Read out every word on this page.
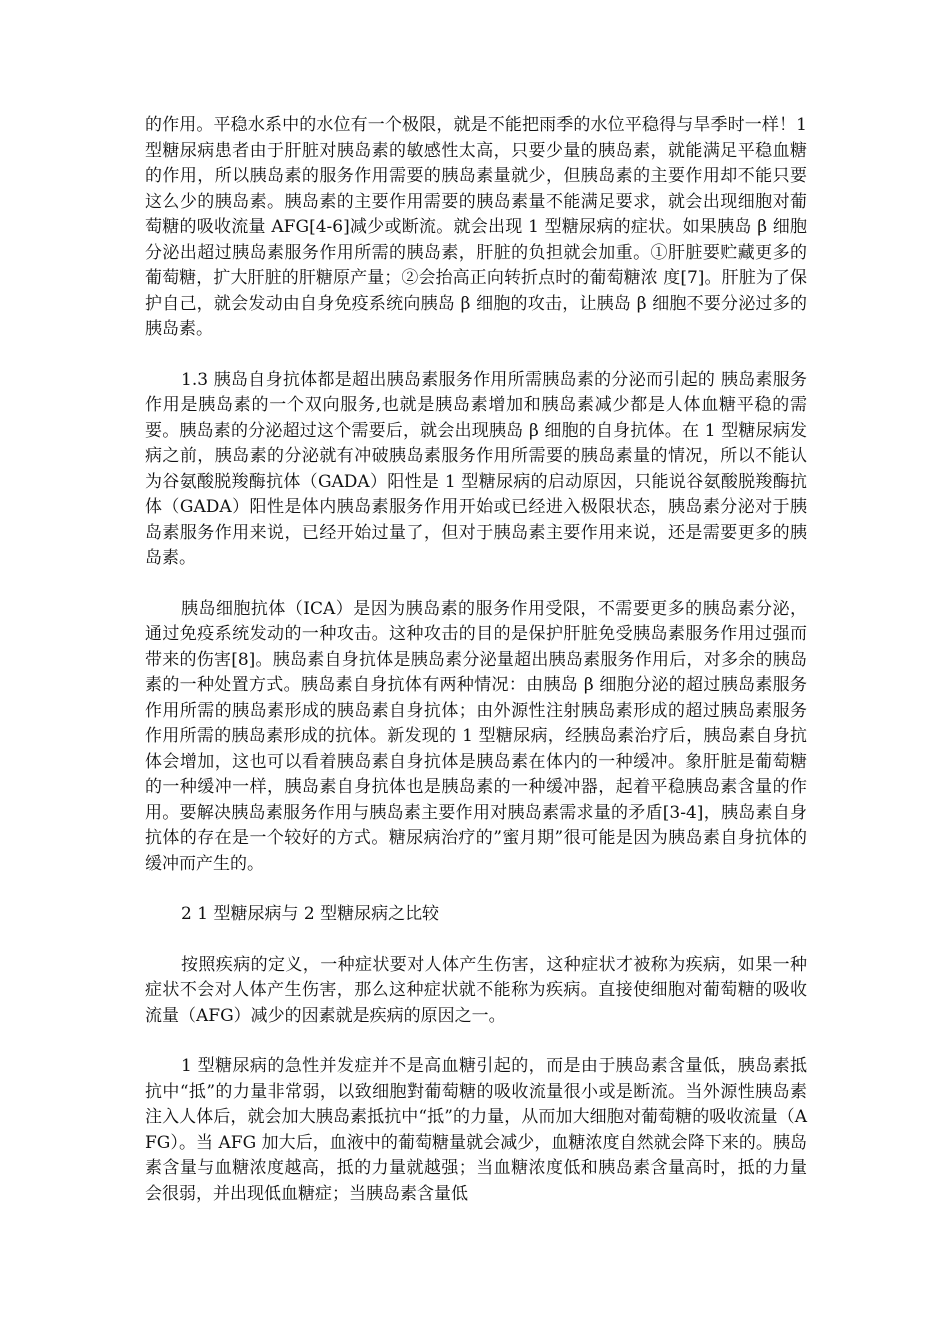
的作用。平稳水系中的水位有一个极限，就是不能把雨季的水位平稳得与旱季时一样！1 型糖尿病患者由于肝脏对胰岛素的敏感性太高，只要少量的胰岛素，就能满足平稳血糖的作用，所以胰岛素的服务作用需要的胰岛素量就少，但胰岛素的主要作用却不能只要这么少的胰岛素。胰岛素的主要作用需要的胰岛素量不能满足要求，就会出现细胞对葡萄糖的吸收流量 AFG[4-6]减少或断流。就会出现 1 型糖尿病的症状。如果胰岛 β 细胞分泌出超过胰岛素服务作用所需的胰岛素，肝脏的负担就会加重。①肝脏要贮藏更多的葡萄糖，扩大肝脏的肝糖原产量；②会抬高正向转折点时的葡萄糖浓 度[7]。肝脏为了保护自己，就会发动由自身免疫系统向胰岛 β 细胞的攻击，让胰岛 β 细胞不要分泌过多的胰岛素。

1.3 胰岛自身抗体都是超出胰岛素服务作用所需胰岛素的分泌而引起的 胰岛素服务作用是胰岛素的一个双向服务,也就是胰岛素增加和胰岛素减少都是人体血糖平稳的需要。胰岛素的分泌超过这个需要后，就会出现胰岛 β 细胞的自身抗体。在 1 型糖尿病发病之前，胰岛素的分泌就有冲破胰岛素服务作用所需要的胰岛素量的情况，所以不能认为谷氨酸脱羧酶抗体（GADA）阳性是 1 型糖尿病的启动原因，只能说谷氨酸脱羧酶抗体（GADA）阳性是体内胰岛素服务作用开始或已经进入极限状态，胰岛素分泌对于胰岛素服务作用来说，已经开始过量了，但对于胰岛素主要作用来说，还是需要更多的胰岛素。

胰岛细胞抗体（ICA）是因为胰岛素的服务作用受限，不需要更多的胰岛素分泌，通过免疫系统发动的一种攻击。这种攻击的目的是保护肝脏免受胰岛素服务作用过强而带来的伤害[8]。胰岛素自身抗体是胰岛素分泌量超出胰岛素服务作用后，对多余的胰岛素的一种处置方式。胰岛素自身抗体有两种情况：由胰岛 β 细胞分泌的超过胰岛素服务作用所需的胰岛素形成的胰岛素自身抗体；由外源性注射胰岛素形成的超过胰岛素服务作用所需的胰岛素形成的抗体。新发现的 1 型糖尿病，经胰岛素治疗后，胰岛素自身抗体会增加，这也可以看着胰岛素自身抗体是胰岛素在体内的一种缓冲。象肝脏是葡萄糖的一种缓冲一样，胰岛素自身抗体也是胰岛素的一种缓冲器，起着平稳胰岛素含量的作用。要解决胰岛素服务作用与胰岛素主要作用对胰岛素需求量的矛盾[3-4]，胰岛素自身抗体的存在是一个较好的方式。糖尿病治疗的”蜜月期”很可能是因为胰岛素自身抗体的缓冲而产生的。

2 1 型糖尿病与 2 型糖尿病之比较

按照疾病的定义，一种症状要对人体产生伤害，这种症状才被称为疾病，如果一种症状不会对人体产生伤害，那么这种症状就不能称为疾病。直接使细胞对葡萄糖的吸收流量（AFG）减少的因素就是疾病的原因之一。

1 型糖尿病的急性并发症并不是高血糖引起的，而是由于胰岛素含量低，胰岛素抵抗中“抵”的力量非常弱，以致细胞對葡萄糖的吸收流量很小或是断流。当外源性胰岛素注入人体后，就会加大胰岛素抵抗中“抵”的力量，从而加大细胞对葡萄糖的吸收流量（AFG）。当 AFG 加大后，血液中的葡萄糖量就会减少，血糖浓度自然就会降下来的。胰岛素含量与血糖浓度越高，抵的力量就越强；当血糖浓度低和胰岛素含量高时，抵的力量会很弱，并出现低血糖症；当胰岛素含量低
